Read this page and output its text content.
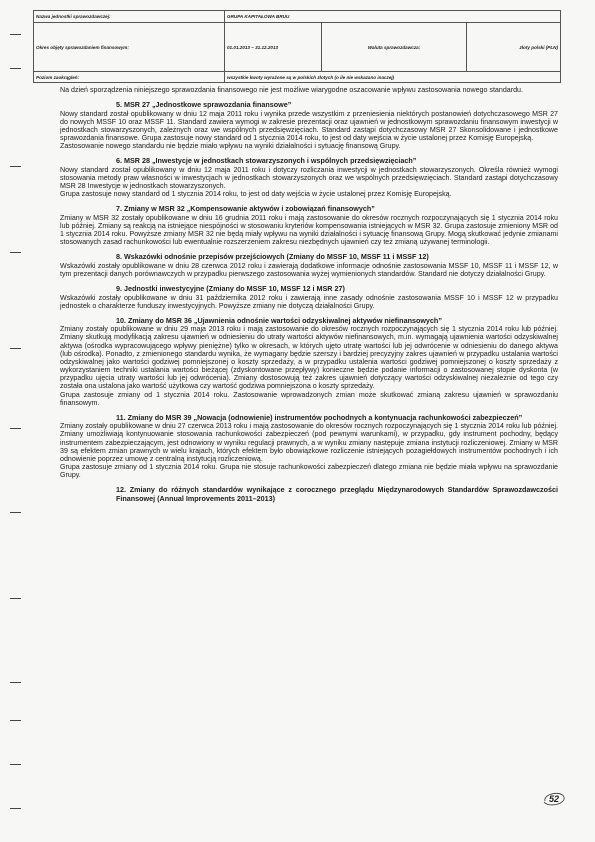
Nazwa jednostki sprawozdawczej:	GRUPA KAPITAŁOWA BRUU		
Okres objęty sprawozdaniem finansowym:	01.01.2013 – 31.12.2013	Waluta sprawozdawcza:	złoty polski (PLN)
Poziom zaokrągleń:	wszystkie kwoty wyrażone są w polskich złotych (o ile nie wskazano inaczej)		

Na dzień sporządzenia niniejszego sprawozdania finansowego nie jest możliwe wiarygodne oszacowanie wpływu zastosowania nowego standardu.

5. MSR 27 „Jednostkowe sprawozdania finansowe”

Nowy standard został opublikowany w dniu 12 maja 2011 roku i wynika przede wszystkim z przeniesienia niektórych postanowień dotychczasowego MSR 27 do nowych MSSF 10 oraz MSSF 11. Standard zawiera wymogi w zakresie prezentacji oraz ujawnień w jednostkowym sprawozdaniu finansowym inwestycji w jednostkach stowarzyszonych, zależnych oraz we wspólnych przedsięwzięciach. Standard zastąpi dotychczasowy MSR 27 Skonsolidowane i jednostkowe sprawozdania finansowe. Grupa zastosuje nowy standard od 1 stycznia 2014 roku, to jest od daty wejścia w życie ustalonej przez Komisję Europejską.

Zastosowanie nowego standardu nie będzie miało wpływu na wyniki działalności i sytuację finansową Grupy.

6. MSR 28 „Inwestycje w jednostkach stowarzyszonych i wspólnych przedsięwzięciach”

Nowy standard został opublikowany w dniu 12 maja 2011 roku i dotyczy rozliczania inwestycji w jednostkach stowarzyszonych. Określa również wymogi stosowania metody praw własności w inwestycjach w jednostkach stowarzyszonych oraz we wspólnych przedsięwzięciach. Standard zastąpi dotychczasowy MSR 28 Inwestycje w jednostkach stowarzyszonych.

Grupa zastosuje nowy standard od 1 stycznia 2014 roku, to jest od daty wejścia w życie ustalonej przez Komisję Europejską.

7. Zmiany w MSR 32 „Kompensowanie aktywów i zobowiązań finansowych”

Zmiany w MSR 32 zostały opublikowane w dniu 16 grudnia 2011 roku i mają zastosowanie do okresów rocznych rozpoczynających się 1 stycznia 2014 roku lub później. Zmiany są reakcją na istniejące niespójności w stosowaniu kryteriów kompensowania istniejących w MSR 32. Grupa zastosuje zmieniony MSR od 1 stycznia 2014 roku. Powyższe zmiany MSR 32 nie będą miały wpływu na wyniki działalności i sytuację finansową Grupy. Mogą skutkować jedynie zmianami stosowanych zasad rachunkowości lub ewentualnie rozszerzeniem zakresu niezbędnych ujawnień czy też zmianą używanej terminologii.

8. Wskazówki odnośnie przepisów przejściowych (Zmiany do MSSF 10, MSSF 11 i MSSF 12)

Wskazówki zostały opublikowane w dniu 28 czerwca 2012 roku i zawierają dodatkowe informacje odnośnie zastosowania MSSF 10, MSSF 11 i MSSF 12, w tym prezentacji danych porównawczych w przypadku pierwszego zastosowania wyżej wymienionych standardów. Standard nie dotyczy działalności Grupy.

9. Jednostki inwestycyjne (Zmiany do MSSF 10, MSSF 12 i MSR 27)

Wskazówki zostały opublikowane w dniu 31 października 2012 roku i zawierają inne zasady odnośnie zastosowania MSSF 10 i MSSF 12 w przypadku jednostek o charakterze funduszy inwestycyjnych. Powyższe zmiany nie dotyczą działalności Grupy.

10. Zmiany do MSR 36 „Ujawnienia odnośnie wartości odzyskiwalnej aktywów niefinansowych”

Zmiany zostały opublikowane w dniu 29 maja 2013 roku i mają zastosowanie do okresów rocznych rozpoczynających się 1 stycznia 2014 roku lub później. Zmiany skutkują modyfikacją zakresu ujawnień w odniesieniu do utraty wartości aktywów niefinansowych, m.in. wymagają ujawnienia wartości odzyskiwalnej aktywa (ośrodka wypracowującego wpływy pieniężne) tylko w okresach, w których ujęto utratę wartości lub jej odwrócenie w odniesieniu do danego aktywa (lub ośrodka). Ponadto, z zmienionego standardu wynika, że wymagany będzie szerszy i bardziej precyzyjny zakres ujawnień w przypadku ustalania wartości odzyskiwalnej jako wartości godziwej pomniejszonej o koszty sprzedaży, a w przypadku ustalenia wartości godziwej pomniejszonej o koszty sprzedaży z wykorzystaniem techniki ustalania wartości bieżącej (zdyskontowane przepływy) konieczne będzie podanie informacji o zastosowanej stopie dyskonta (w przypadku ujęcia utraty wartości lub jej odwrócenia). Zmiany dostosowują też zakres ujawnień dotyczący wartości odzyskiwalnej niezależnie od tego czy została ona ustalona jako wartość użytkowa czy wartość godziwa pomniejszona o koszty sprzedaży.

Grupa zastosuje zmiany od 1 stycznia 2014 roku. Zastosowanie wprowadzonych zmian może skutkować zmianą zakresu ujawnień w sprawozdaniu finansowym.

11. Zmiany do MSR 39 „Nowacja (odnowienie) instrumentów pochodnych a kontynuacja rachunkowości zabezpieczeń”

Zmiany zostały opublikowane w dniu 27 czerwca 2013 roku i mają zastosowanie do okresów rocznych rozpoczynających się 1 stycznia 2014 roku lub później. Zmiany umożliwiają kontynuowanie stosowania rachunkowości zabezpieczeń (pod pewnymi warunkami), w przypadku, gdy instrument pochodny, będący instrumentem zabezpieczającym, jest odnowiony w wyniku regulacji prawnych, a w wyniku zmiany następuje zmiana instytucji rozliczeniowej. Zmiany w MSR 39 są efektem zmian prawnych w wielu krajach, których efektem było obowiązkowe rozliczenie istniejących pozagiełdowych instrumentów pochodnych i ich odnowienie poprzez umowę z centralną instytucją rozliczeniową.

Grupa zastosuje zmiany od 1 stycznia 2014 roku. Grupa nie stosuje rachunkowości zabezpieczeń dlatego zmiana nie będzie miała wpływu na sprawozdanie Grupy.

12. Zmiany do różnych standardów wynikające z corocznego przeglądu Międzynarodowych Standardów Sprawozdawczości Finansowej (Annual Improvements 2011–2013)
52
